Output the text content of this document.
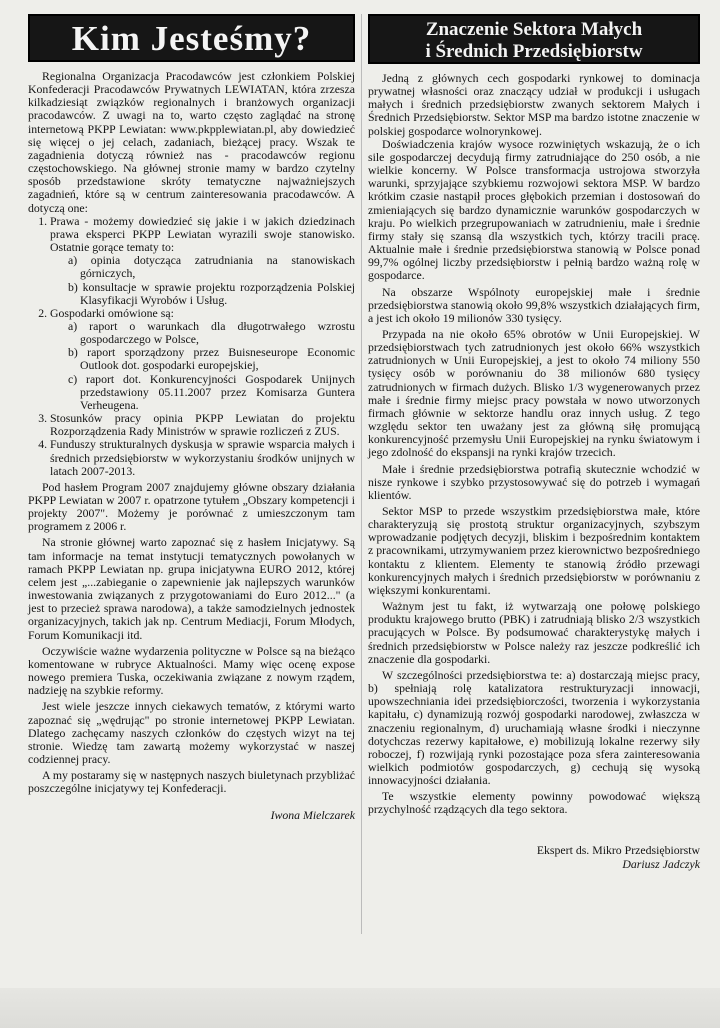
Kim Jesteśmy?

Regionalna Organizacja Pracodawców jest członkiem Polskiej Konfederacji Pracodawców Prywatnych LEWIATAN, która zrzesza kilkadziesiąt związków regionalnych i branżowych organizacji pracodawców. Z uwagi na to, warto często zaglądać na stronę internetową PKPP Lewiatan: www.pkpplewiatan.pl, aby dowiedzieć się więcej o jej celach, zadaniach, bieżącej pracy. Wszak te zagadnienia dotyczą również nas - pracodawców regionu częstochowskiego. Na głównej stronie mamy w bardzo czytelny sposób przedstawione skróty tematyczne najważniejszych zagadnień, które są w centrum zainteresowania pracodawców. A dotyczą one:

1. Prawa - możemy dowiedzieć się jakie i w jakich dziedzinach prawa eksperci PKPP Lewiatan wyrazili swoje stanowisko. Ostatnie gorące tematy to:
a) opinia dotycząca zatrudniania na stanowiskach górniczych,
b) konsultacje w sprawie projektu rozporządzenia Polskiej Klasyfikacji Wyrobów i Usług.
2. Gospodarki omówione są:
a) raport o warunkach dla długotrwałego wzrostu gospodarczego w Polsce,
b) raport sporządzony przez Buisneseurope Economic Outlook dot. gospodarki europejskiej,
c) raport dot. Konkurencyjności Gospodarek Unijnych przedstawiony 05.11.2007 przez Komisarza Guntera Verheugena.
3. Stosunków pracy opinia PKPP Lewiatan do projektu Rozporządzenia Rady Ministrów w sprawie rozliczeń z ZUS.
4. Funduszy strukturalnych dyskusja w sprawie wsparcia małych i średnich przedsiębiorstw w wykorzystaniu środków unijnych w latach 2007-2013.

Pod hasłem Program 2007 znajdujemy główne obszary działania PKPP Lewiatan w 2007 r. opatrzone tytułem „Obszary kompetencji i projekty 2007". Możemy je porównać z umieszczonym tam programem z 2006 r.

Na stronie głównej warto zapoznać się z hasłem Inicjatywy. Są tam informacje na temat instytucji tematycznych powołanych w ramach PKPP Lewiatan np. grupa inicjatywna EURO 2012, której celem jest „...zabieganie o zapewnienie jak najlepszych warunków inwestowania związanych z przygotowaniami do Euro 2012..." (a jest to przecież sprawa narodowa), a także samodzielnych jednostek organizacyjnych, takich jak np. Centrum Mediacji, Forum Młodych, Forum Komunikacji itd.

Oczywiście ważne wydarzenia polityczne w Polsce są na bieżąco komentowane w rubryce Aktualności. Mamy więc ocenę expose nowego premiera Tuska, oczekiwania związane z nowym rządem, nadzieję na szybkie reformy.

Jest wiele jeszcze innych ciekawych tematów, z którymi warto zapoznać się „wędrując" po stronie internetowej PKPP Lewiatan. Dlatego zachęcamy naszych członków do częstych wizyt na tej stronie. Wiedzę tam zawartą możemy wykorzystać w naszej codziennej pracy.

A my postaramy się w następnych naszych biuletynach przybliżać poszczególne inicjatywy tej Konfederacji.

Iwona Mielczarek
Znaczenie Sektora Małych
i Średnich Przedsiębiorstw

Jedną z głównych cech gospodarki rynkowej to dominacja prywatnej własności oraz znaczący udział w produkcji i usługach małych i średnich przedsiębiorstw zwanych sektorem Małych i Średnich Przedsiębiorstw. Sektor MSP ma bardzo istotne znaczenie w polskiej gospodarce wolnorynkowej.

Doświadczenia krajów wysoce rozwiniętych wskazują, że o ich sile gospodarczej decydują firmy zatrudniające do 250 osób, a nie wielkie koncerny. W Polsce transformacja ustrojowa stworzyła warunki, sprzyjające szybkiemu rozwojowi sektora MSP. W bardzo krótkim czasie nastąpił proces głębokich przemian i dostosowań do zmieniających się bardzo dynamicznie warunków gospodarczych w kraju. Po wielkich przegrupowaniach w zatrudnieniu, małe i średnie firmy stały się szansą dla wszystkich tych, którzy tracili pracę. Aktualnie małe i średnie przedsiębiorstwa stanowią w Polsce ponad 99,7% ogólnej liczby przedsiębiorstw i pełnią bardzo ważną rolę w gospodarce.

Na obszarze Wspólnoty europejskiej małe i średnie przedsiębiorstwa stanowią około 99,8% wszystkich działających firm, a jest ich około 19 milionów 330 tysięcy.

Przypada na nie około 65% obrotów w Unii Europejskiej. W przedsiębiorstwach tych zatrudnionych jest około 66% wszystkich zatrudnionych w Unii Europejskiej, a jest to około 74 miliony 550 tysięcy osób w porównaniu do 38 milionów 680 tysięcy zatrudnionych w firmach dużych. Blisko 1/3 wygenerowanych przez małe i średnie firmy miejsc pracy powstała w nowo utworzonych firmach głównie w sektorze handlu oraz innych usług. Z tego względu sektor ten uważany jest za główną siłę promującą konkurencyjność przemysłu Unii Europejskiej na rynku światowym i jego zdolność do ekspansji na rynki krajów trzecich.

Małe i średnie przedsiębiorstwa potrafią skutecznie wchodzić w nisze rynkowe i szybko przystosowywać się do potrzeb i wymagań klientów.

Sektor MSP to przede wszystkim przedsiębiorstwa małe, które charakteryzują się prostotą struktur organizacyjnych, szybszym wprowadzanie podjętych decyzji, bliskim i bezpośrednim kontaktem z pracownikami, utrzymywaniem przez kierownictwo bezpośredniego kontaktu z klientem. Elementy te stanowią źródło przewagi konkurencyjnych małych i średnich przedsiębiorstw w porównaniu z większymi konkurentami.

Ważnym jest tu fakt, iż wytwarzają one połowę polskiego produktu krajowego brutto (PBK) i zatrudniają blisko 2/3 wszystkich pracujących w Polsce. By podsumować charakterystykę małych i średnich przedsiębiorstw w Polsce należy raz jeszcze podkreślić ich znaczenie dla gospodarki.

W szczególności przedsiębiorstwa te: a) dostarczają miejsc pracy, b) spełniają rolę katalizatora restrukturyzacji innowacji, upowszechniania idei przedsiębiorczości, tworzenia i wykorzystania kapitału, c) dynamizują rozwój gospodarki narodowej, zwłaszcza w znaczeniu regionalnym, d) uruchamiają własne środki i nieczynne dotychczas rezerwy kapitałowe, e) mobilizują lokalne rezerwy siły roboczej, f) rozwijają rynki pozostające poza sfera zainteresowania wielkich podmiotów gospodarczych, g) cechują się wysoką innowacyjności działania.

Te wszystkie elementy powinny powodować większą przychylność rządzących dla tego sektora.

Ekspert ds. Mikro Przedsiębiorstw
Dariusz Jadczyk
